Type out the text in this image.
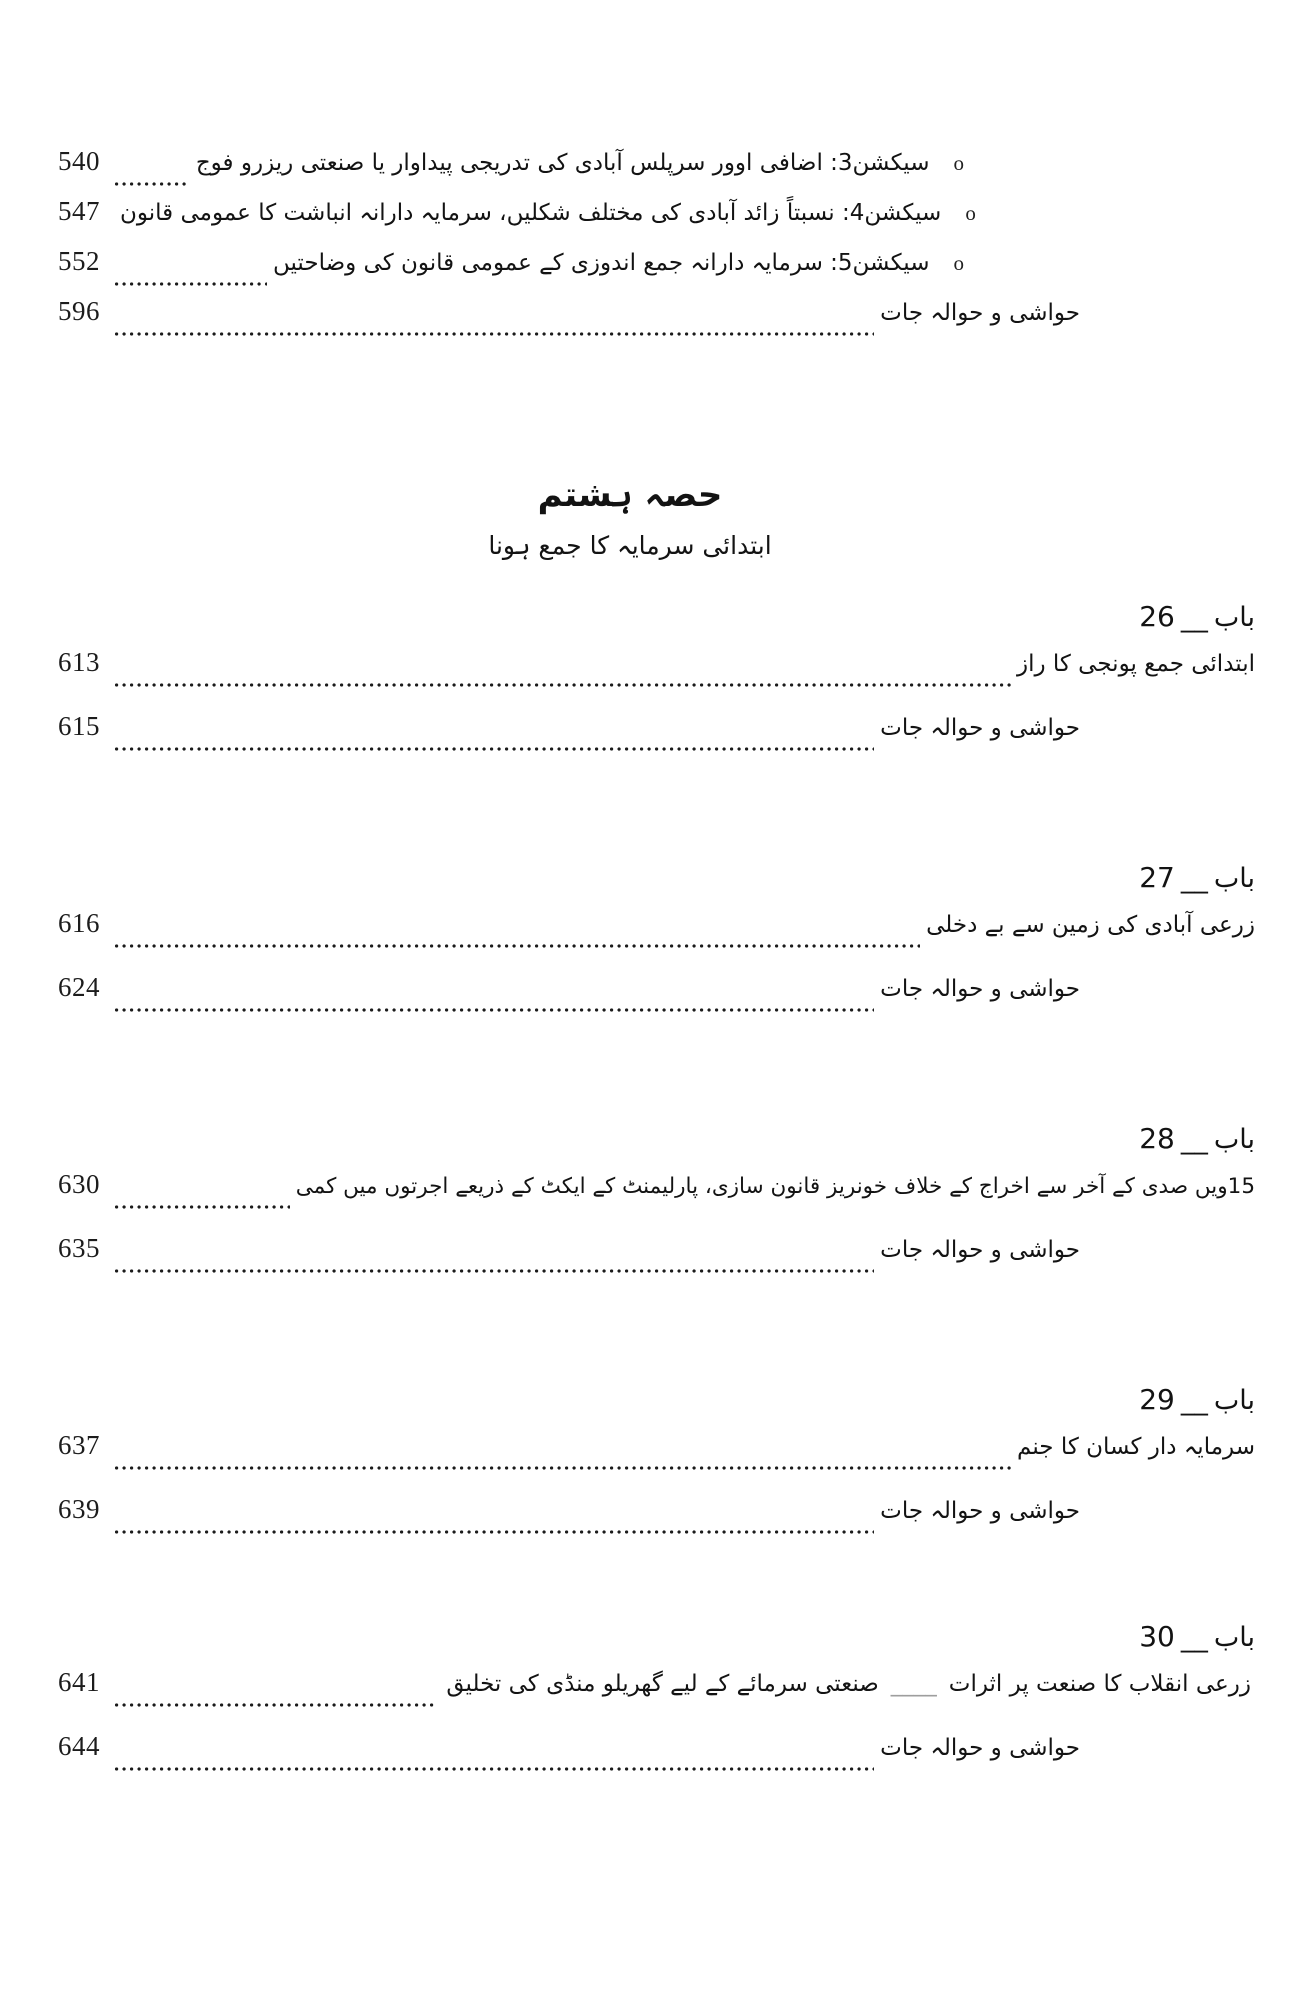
540	سیکشن3: اضافی اوور سرپلس آبادی کی تدریجی پیداوار یا صنعتی ریزرو فوج o
547 سیکشن4: نسبتاً زائد آبادی کی مختلف شکلیں، سرمایہ دارانہ انباشت کا عمومی قانون o
552	سیکشن5: سرمایہ دارانہ جمع اندوزی کے عمومی قانون کی وضاحتیں o
596	حواشی و حوالہ جات
حصہ ہشتم
ابتدائی سرمایہ کا جمع ہونا
باب__26
613	ابتدائی جمع پونجی کا راز
615	حواشی و حوالہ جات
باب__27
616	زرعی آبادی کی زمین سے بے دخلی
624	حواشی و حوالہ جات
باب__28
630	15ویں صدی کے آخر سے اخراج کے خلاف خونریز قانون سازی، پارلیمنٹ کے ایکٹ کے ذریعے اجرتوں میں کمی
635	حواشی و حوالہ جات
باب__29
637	سرمایہ دار کسان کا جنم
639	حواشی و حوالہ جات
باب__30
641	زرعی انقلاب کا صنعت پر اثرات____صنعتی سرمائے کے لیے گھریلو منڈی کی تخلیق
644	حواشی و حوالہ جات
